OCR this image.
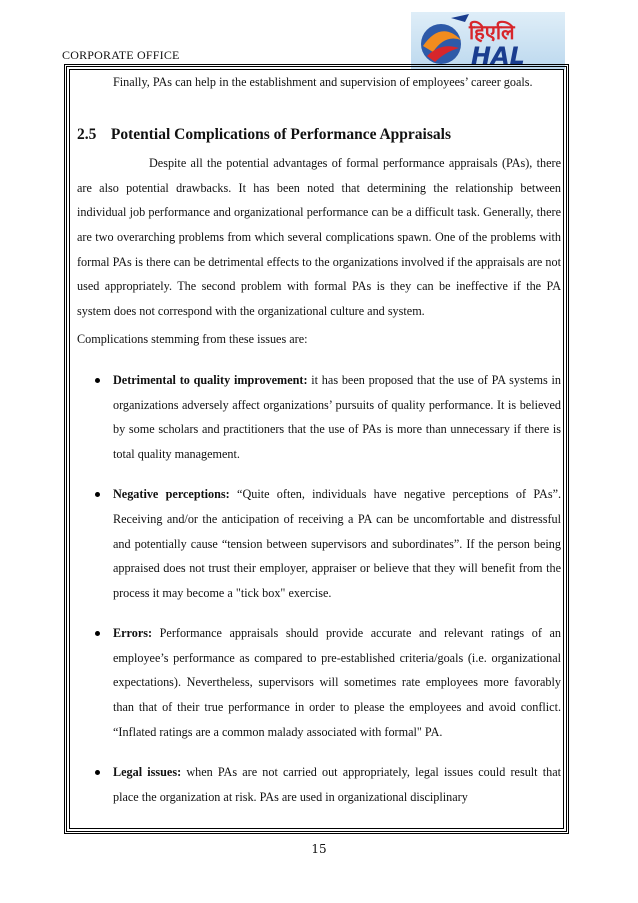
CORPORATE OFFICE
हिएलि
HAL

Finally, PAs can help in the establishment and supervision of employees’ career goals.

2.5 Potential Complications of Performance Appraisals

Despite all the potential advantages of formal performance appraisals (PAs), there are also potential drawbacks. It has been noted that determining the relationship between individual job performance and organizational performance can be a difficult task. Generally, there are two overarching problems from which several complications spawn. One of the problems with formal PAs is there can be detrimental effects to the organizations involved if the appraisals are not used appropriately. The second problem with formal PAs is they can be ineffective if the PA system does not correspond with the organizational culture and system.

Complications stemming from these issues are:

Detrimental to quality improvement: it has been proposed that the use of PA systems in organizations adversely affect organizations’ pursuits of quality performance. It is believed by some scholars and practitioners that the use of PAs is more than unnecessary if there is total quality management.
Negative perceptions: “Quite often, individuals have negative perceptions of PAs”. Receiving and/or the anticipation of receiving a PA can be uncomfortable and distressful and potentially cause “tension between supervisors and subordinates”. If the person being appraised does not trust their employer, appraiser or believe that they will benefit from the process it may become a "tick box" exercise.
Errors: Performance appraisals should provide accurate and relevant ratings of an employee’s performance as compared to pre-established criteria/goals (i.e. organizational expectations). Nevertheless, supervisors will sometimes rate employees more favorably than that of their true performance in order to please the employees and avoid conflict. “Inflated ratings are a common malady associated with formal" PA.
Legal issues: when PAs are not carried out appropriately, legal issues could result that place the organization at risk. PAs are used in organizational disciplinary
15
